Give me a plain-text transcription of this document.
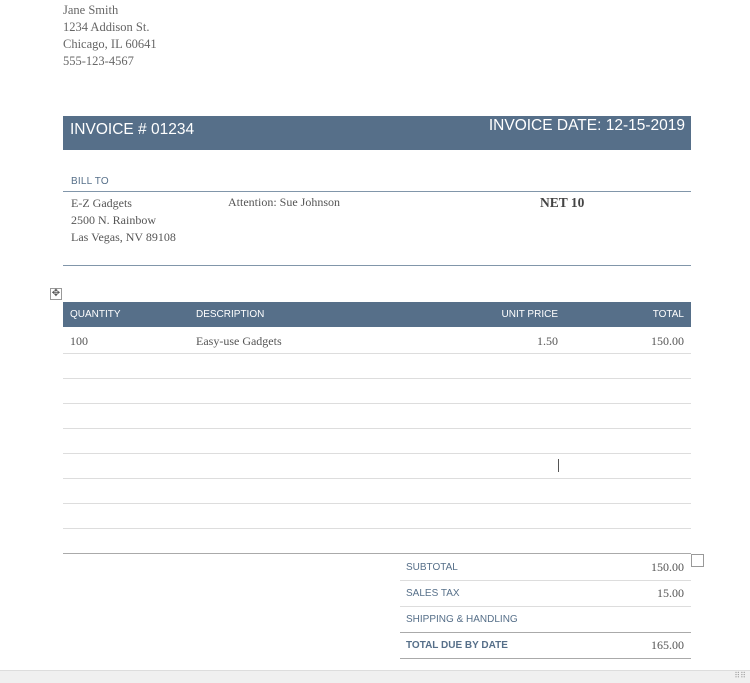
Jane Smith
1234 Addison St.
Chicago, IL 60641
555-123-4567
INVOICE # 01234	INVOICE DATE: 12-15-2019
BILL TO
E-Z Gadgets
2500 N. Rainbow
Las Vegas, NV 89108
Attention: Sue Johnson	NET 10
✥
QUANTITY	DESCRIPTION	UNIT PRICE	TOTAL
100	Easy-use Gadgets	1.50	150.00
SUBTOTAL	150.00
SALES TAX	15.00
SHIPPING & HANDLING
TOTAL DUE BY DATE	165.00
⠿⠿
